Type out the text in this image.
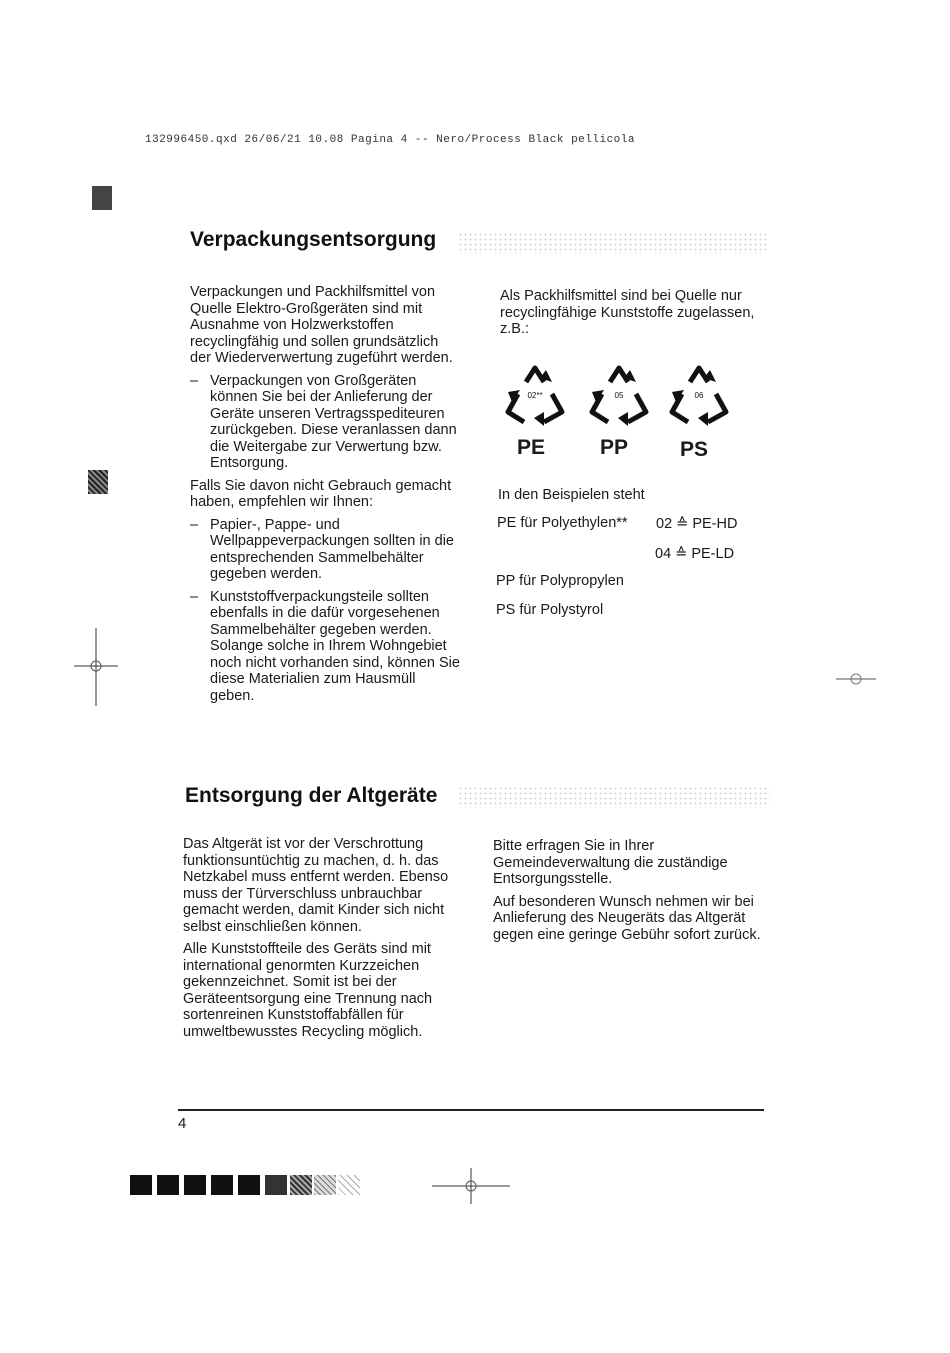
132996450.qxd 26/06/21 10.08 Pagina 4 -- Nero/Process Black pellicola
Verpackungsentsorgung

Verpackungen und Packhilfsmittel von Quelle Elektro-Großgeräten sind mit Ausnahme von Holzwerkstoffen recyclingfähig und sollen grundsätzlich der Wiederverwertung zugeführt werden.

– Verpackungen von Großgeräten können Sie bei der Anlieferung der Geräte unseren Vertragsspediteuren zurückgeben. Diese veranlassen dann die Weitergabe zur Verwertung bzw. Entsorgung.

Falls Sie davon nicht Gebrauch gemacht haben, empfehlen wir Ihnen:

– Papier-, Pappe- und Wellpappeverpackungen sollten in die entsprechenden Sammelbehälter gegeben werden.
– Kunststoffverpackungsteile sollten ebenfalls in die dafür vorgesehenen Sammelbehälter gegeben werden. Solange solche in Ihrem Wohngebiet noch nicht vorhanden sind, können Sie diese Materialien zum Hausmüll geben.
Als Packhilfsmittel sind bei Quelle nur recyclingfähige Kunststoffe zugelassen, z.B.:
02**	05	06
PE	PP PS
In den Beispielen steht
PE für Polyethylen** 02 ≙ PE-HD
04 ≙ PE-LD
PP für Polypropylen
PS für Polystyrol
Entsorgung der Altgeräte

Das Altgerät ist vor der Verschrottung funktionsuntüchtig zu machen, d. h. das Netzkabel muss entfernt werden. Ebenso muss der Türverschluss unbrauchbar gemacht werden, damit Kinder sich nicht selbst einschließen können.

Alle Kunststoffteile des Geräts sind mit international genormten Kurzzeichen gekennzeichnet. Somit ist bei der Geräteentsorgung eine Trennung nach sortenreinen Kunststoffabfällen für umweltbewusstes Recycling möglich.

Bitte erfragen Sie in Ihrer Gemeindeverwaltung die zuständige Entsorgungsstelle.

Auf besonderen Wunsch nehmen wir bei Anlieferung des Neugeräts das Altgerät gegen eine geringe Gebühr sofort zurück.

4
